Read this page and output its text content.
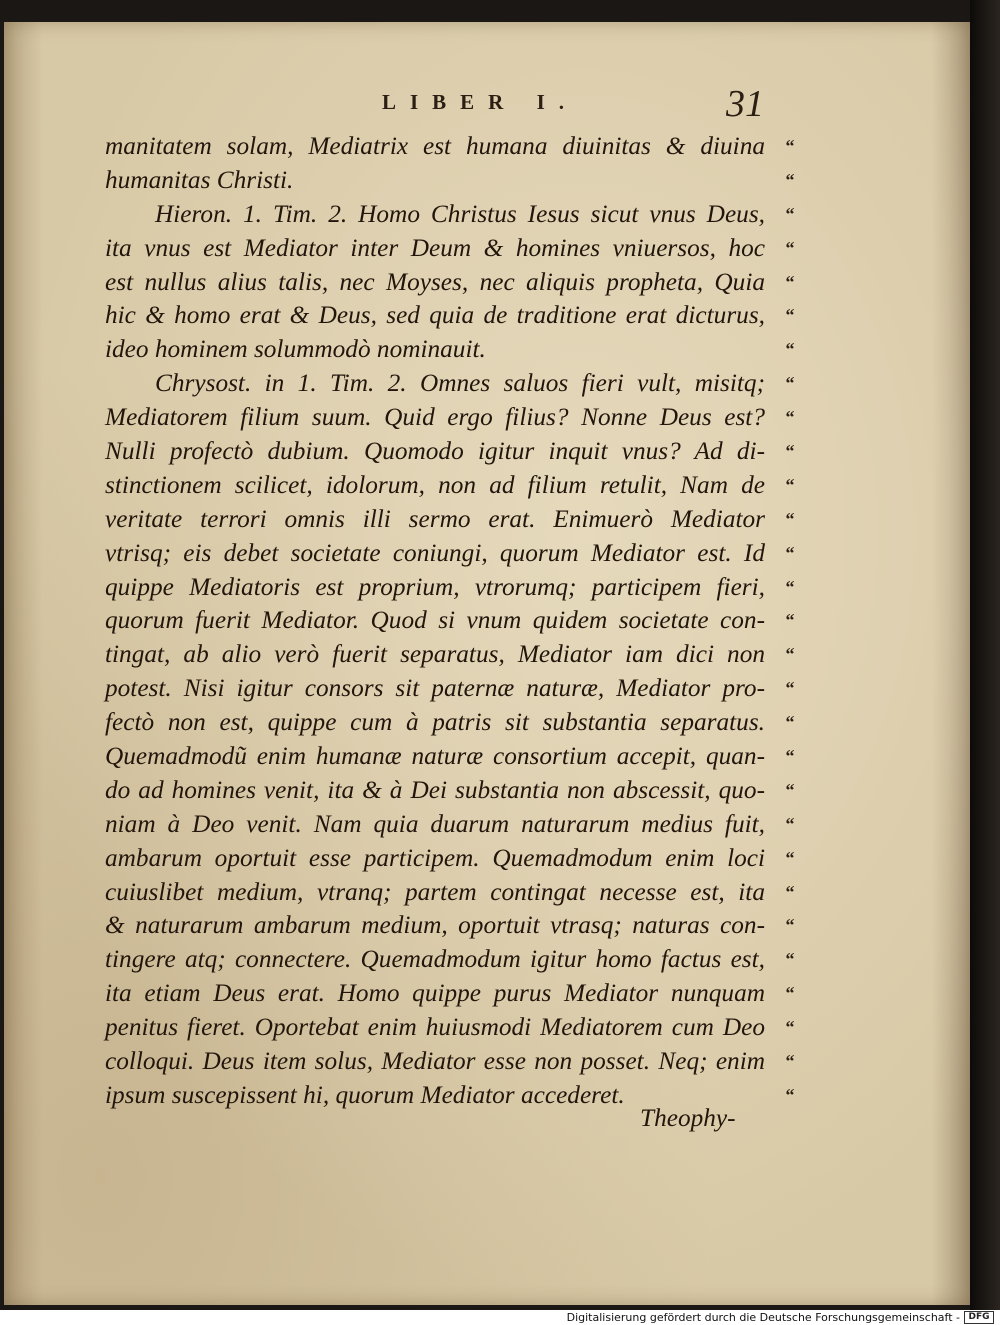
LIBER I.	31
manitatem solam, Mediatrix est humana diuinitas & diuina
humanitas Christi.
Hieron. 1. Tim. 2. Homo Christus Iesus sicut vnus Deus,
ita vnus est Mediator inter Deum & homines vniuersos, hoc
est nullus alius talis, nec Moyses, nec aliquis propheta, Quia
hic & homo erat & Deus, sed quia de traditione erat dicturus,
ideo hominem solummodò nominauit.
Chrysost. in 1. Tim. 2. Omnes saluos fieri vult, misitq;
Mediatorem filium suum. Quid ergo filius? Nonne Deus est?
Nulli profectò dubium. Quomodo igitur inquit vnus? Ad di-
stinctionem scilicet, idolorum, non ad filium retulit, Nam de
veritate terrori omnis illi sermo erat. Enimuerò Mediator
vtrisq; eis debet societate coniungi, quorum Mediator est. Id
quippe Mediatoris est proprium, vtrorumq; participem fieri,
quorum fuerit Mediator. Quod si vnum quidem societate con-
tingat, ab alio verò fuerit separatus, Mediator iam dici non
potest. Nisi igitur consors sit paternæ naturæ, Mediator pro-
fectò non est, quippe cum à patris sit substantia separatus.
Quemadmodũ enim humanæ naturæ consortium accepit, quan-
do ad homines venit, ita & à Dei substantia non abscessit, quo-
niam à Deo venit. Nam quia duarum naturarum medius fuit,
ambarum oportuit esse participem. Quemadmodum enim loci
cuiuslibet medium, vtranq; partem contingat necesse est, ita
& naturarum ambarum medium, oportuit vtrasq; naturas con-
tingere atq; connectere. Quemadmodum igitur homo factus est,
ita etiam Deus erat. Homo quippe purus Mediator nunquam
penitus fieret. Oportebat enim huiusmodi Mediatorem cum Deo
colloqui. Deus item solus, Mediator esse non posset. Neq; enim
ipsum suscepissent hi, quorum Mediator accederet.
“
“
“
“
“
“
“
“
“
“
“
“
“
“
“
“
“
“
“
“
“
“
“
“
“
“
“
“
“
Theophy-
Digitalisierung gefördert durch die Deutsche Forschungsgemeinschaft - DFG
